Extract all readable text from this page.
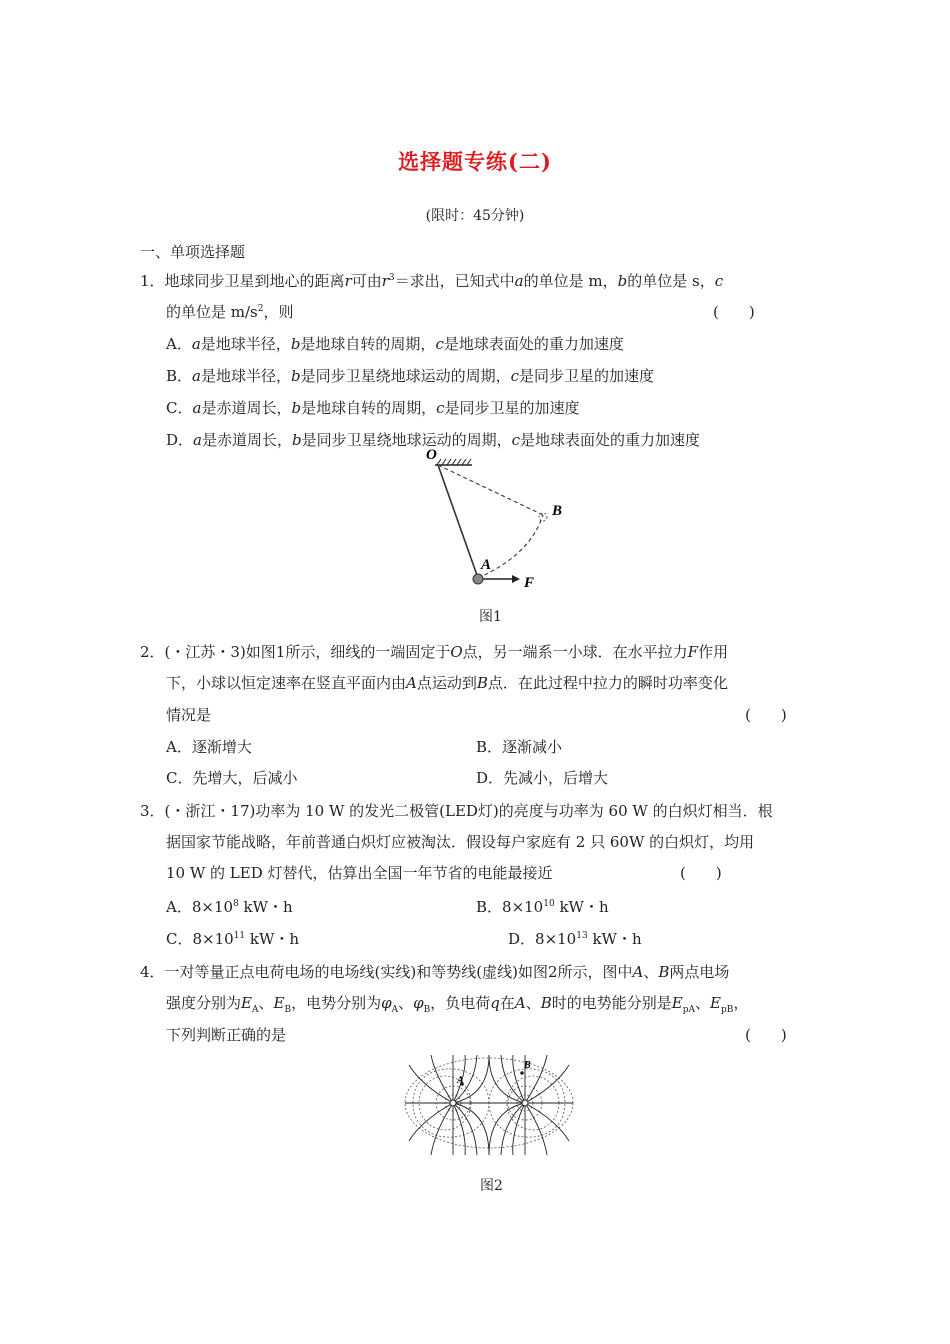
选择题专练(二)
(限时：45分钟)
一、单项选择题
1．地球同步卫星到地心的距离r可由$r^3=$求出，已知式中a的单位是 m，b的单位是 s，c
的单位是 $m/s^2$，则	(　　)
A．a是地球半径，b是地球自转的周期，c是地球表面处的重力加速度
B．a是地球半径，b是同步卫星绕地球运动的周期，c是同步卫星的加速度
C．a是赤道周长，b是地球自转的周期，c是同步卫星的加速度
D．a是赤道周长，b是同步卫星绕地球运动的周期，c是地球表面处的重力加速度
O
B
A
F
图1
2．(・江苏・3)如图1所示，细线的一端固定于O点，另一端系一小球．在水平拉力F作用
下，小球以恒定速率在竖直平面内由A点运动到B点．在此过程中拉力的瞬时功率变化
情况是	(　　)
A．逐渐增大	B．逐渐减小
C．先增大，后减小	D．先减小，后增大
3．(・浙江・17)功率为 10 W 的发光二极管(LED灯)的亮度与功率为 60 W 的白炽灯相当．根
据国家节能战略，年前普通白炽灯应被淘汰．假设每户家庭有 2 只 60W 的白炽灯，均用
10 W 的 LED 灯替代，估算出全国一年节省的电能最接近	(　　)
A．$8\times 10^8$ kW・h	B．$8\times 10^{10}$ kW・h
C．$8\times 10^{11}$ kW・h	D．$8\times 10^{13}$ kW・h
4．一对等量正点电荷电场的电场线(实线)和等势线(虚线)如图2所示，图中A、B两点电场
强度分别为$E_A$、$E_B$，电势分别为$\varphi_A$、$\varphi_B$，负电荷q在A、B时的电势能分别是$E_{pA}$、$E_{pB}$，
下列判断正确的是	(　　)
A
B
图2
